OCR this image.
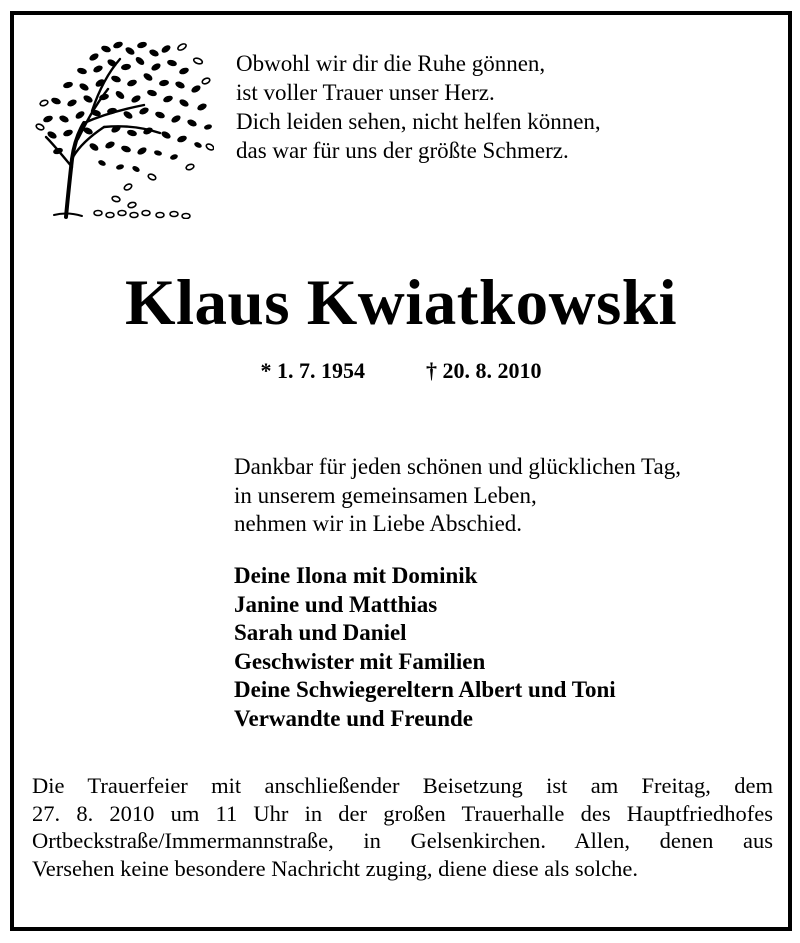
Obwohl wir dir die Ruhe gönnen,
ist voller Trauer unser Herz.
Dich leiden sehen, nicht helfen können,
das war für uns der größte Schmerz.
Klaus Kwiatkowski
* 1. 7. 1954	† 20. 8. 2010
Dankbar für jeden schönen und glücklichen Tag,
in unserem gemeinsamen Leben,
nehmen wir in Liebe Abschied.
Deine Ilona mit Dominik
Janine und Matthias
Sarah und Daniel
Geschwister mit Familien
Deine Schwiegereltern Albert und Toni
Verwandte und Freunde
Die Trauerfeier mit anschließender Beisetzung ist am Freitag, dem
27. 8. 2010 um 11 Uhr in der großen Trauerhalle des Hauptfriedhofes
Ortbeckstraße/Immermannstraße, in Gelsenkirchen. Allen, denen aus
Versehen keine besondere Nachricht zuging, diene diese als solche.
